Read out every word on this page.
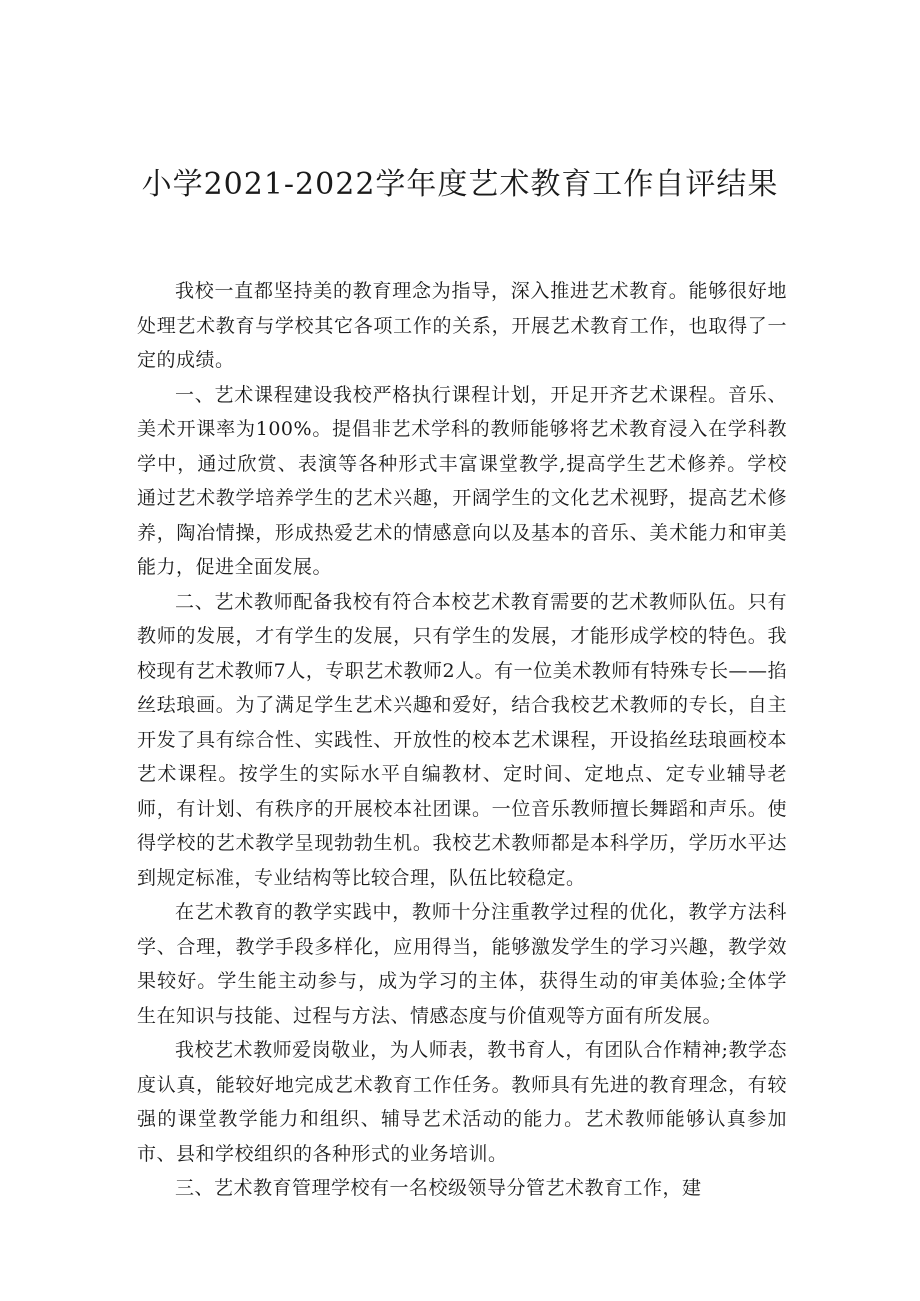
小学2021-2022学年度艺术教育工作自评结果

我校一直都坚持美的教育理念为指导，深入推进艺术教育。能够很好地处理艺术教育与学校其它各项工作的关系，开展艺术教育工作，也取得了一定的成绩。

一、艺术课程建设我校严格执行课程计划，开足开齐艺术课程。音乐、美术开课率为100%。提倡非艺术学科的教师能够将艺术教育浸入在学科教学中，通过欣赏、表演等各种形式丰富课堂教学,提高学生艺术修养。学校通过艺术教学培养学生的艺术兴趣，开阔学生的文化艺术视野，提高艺术修养，陶冶情操，形成热爱艺术的情感意向以及基本的音乐、美术能力和审美能力，促进全面发展。

二、艺术教师配备我校有符合本校艺术教育需要的艺术教师队伍。只有教师的发展，才有学生的发展，只有学生的发展，才能形成学校的特色。我校现有艺术教师7人，专职艺术教师2人。有一位美术教师有特殊专长——掐丝珐琅画。为了满足学生艺术兴趣和爱好，结合我校艺术教师的专长，自主开发了具有综合性、实践性、开放性的校本艺术课程，开设掐丝珐琅画校本艺术课程。按学生的实际水平自编教材、定时间、定地点、定专业辅导老师，有计划、有秩序的开展校本社团课。一位音乐教师擅长舞蹈和声乐。使得学校的艺术教学呈现勃勃生机。我校艺术教师都是本科学历，学历水平达到规定标准，专业结构等比较合理，队伍比较稳定。

在艺术教育的教学实践中，教师十分注重教学过程的优化，教学方法科学、合理，教学手段多样化，应用得当，能够激发学生的学习兴趣，教学效果较好。学生能主动参与，成为学习的主体，获得生动的审美体验;全体学生在知识与技能、过程与方法、情感态度与价值观等方面有所发展。

我校艺术教师爱岗敬业，为人师表，教书育人，有团队合作精神;教学态度认真，能较好地完成艺术教育工作任务。教师具有先进的教育理念，有较强的课堂教学能力和组织、辅导艺术活动的能力。艺术教师能够认真参加市、县和学校组织的各种形式的业务培训。

三、艺术教育管理学校有一名校级领导分管艺术教育工作，建
